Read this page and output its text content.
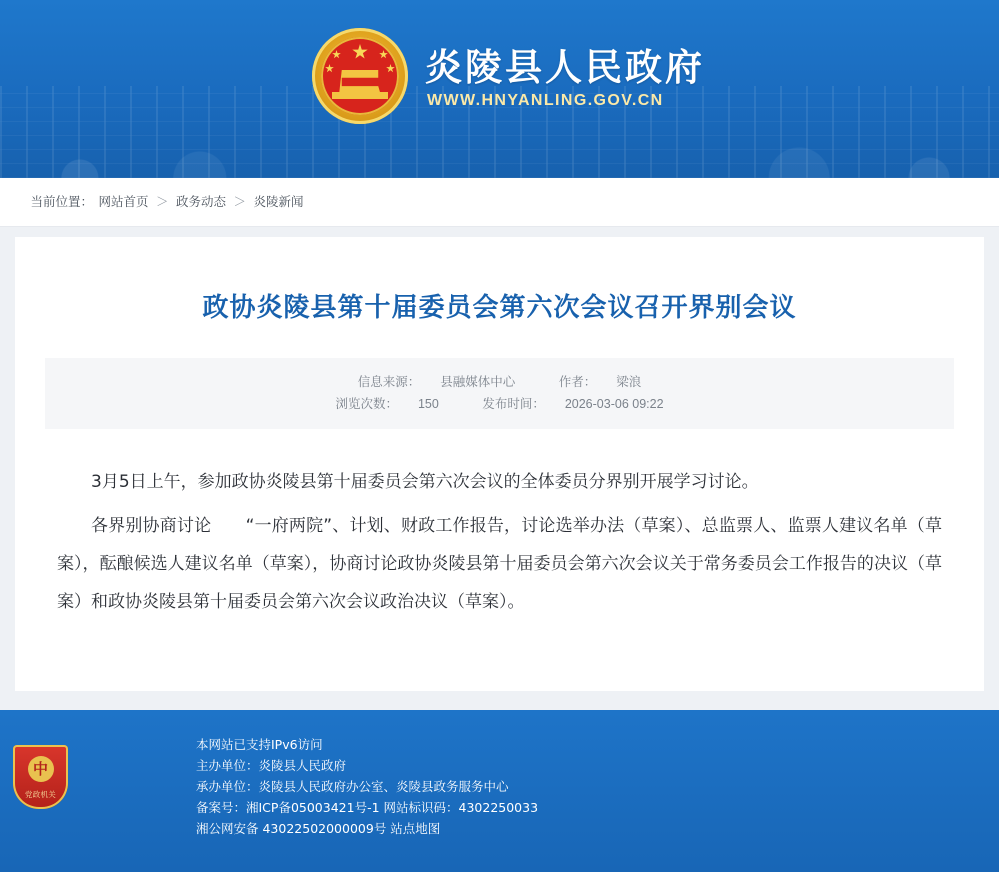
炎陵县人民政府
WWW.HNYANLING.GOV.CN
当前位置： 网站首页 ＞ 政务动态 ＞ 炎陵新闻
政协炎陵县第十届委员会第六次会议召开界别会议
信息来源： 县融媒体中心	作者： 梁浪
浏览次数： 150	发布时间： 2026-03-06 09:22

3月5日上午，参加政协炎陵县第十届委员会第六次会议的全体委员分界别开展学习讨论。

各界别协商讨论　　“一府两院”、计划、财政工作报告，讨论选举办法（草案）、总监票人、监票人建议名单（草案），酝酿候选人建议名单（草案），协商讨论政协炎陵县第十届委员会第六次会议关于常务委员会工作报告的决议（草案）和政协炎陵县第十届委员会第六次会议政治决议（草案）。

中
党政机关
本网站已支持IPv6访问
主办单位：炎陵县人民政府
承办单位：炎陵县人民政府办公室、炎陵县政务服务中心
备案号：湘ICP备05003421号-1 网站标识码：4302250033
湘公网安备 43022502000009号 站点地图
